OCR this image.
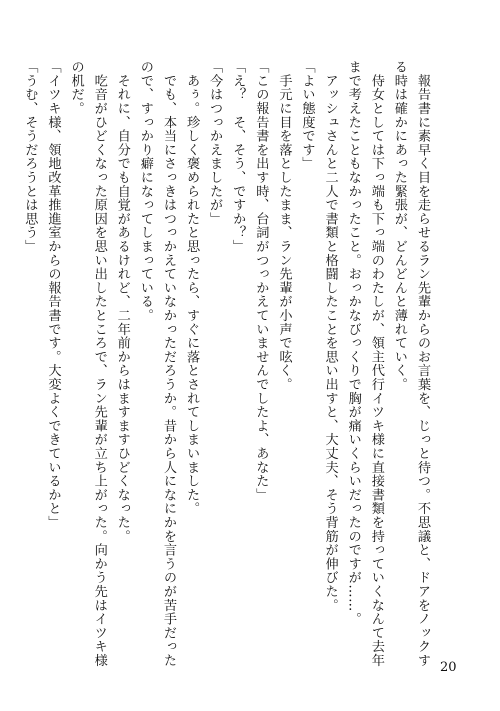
　報告書に素早く目を走らせるラン先輩からのお言葉を、じっと待つ。不思議と、ドアをノックす
る時は確かにあった緊張が、どんどんと薄れていく。
　侍女としては下っ端も下っ端のわたしが、領主代行イツキ様に直接書類を持っていくなんて去年
まで考えたこともなかったこと。おっかなびっくりで胸が痛いくらいだったのですが……。
　アッシュさんと二人で書類と格闘したことを思い出すと、大丈夫、そう背筋が伸びた。
「よい態度です」
　手元に目を落としたまま、ラン先輩が小声で呟く。
「この報告書を出す時、台詞がつっかえていませんでしたよ、あなた」
「え？　そ、そう、ですか？」
「今はつっかえましたが」
　あぅ。珍しく褒められたと思ったら、すぐに落とされてしまいました。
　でも、本当にさっきはつっかえていなかっただろうか。昔から人になにかを言うのが苦手だった
ので、すっかり癖になってしまっている。
　それに、自分でも自覚があるけれど、二年前からはますますひどくなった。
　吃音がひどくなった原因を思い出したところで、ラン先輩が立ち上がった。向かう先はイツキ様
の机だ。
「イツキ様、領地改革推進室からの報告書です。大変よくできているかと」
「うむ、そうだろうとは思う」
20
